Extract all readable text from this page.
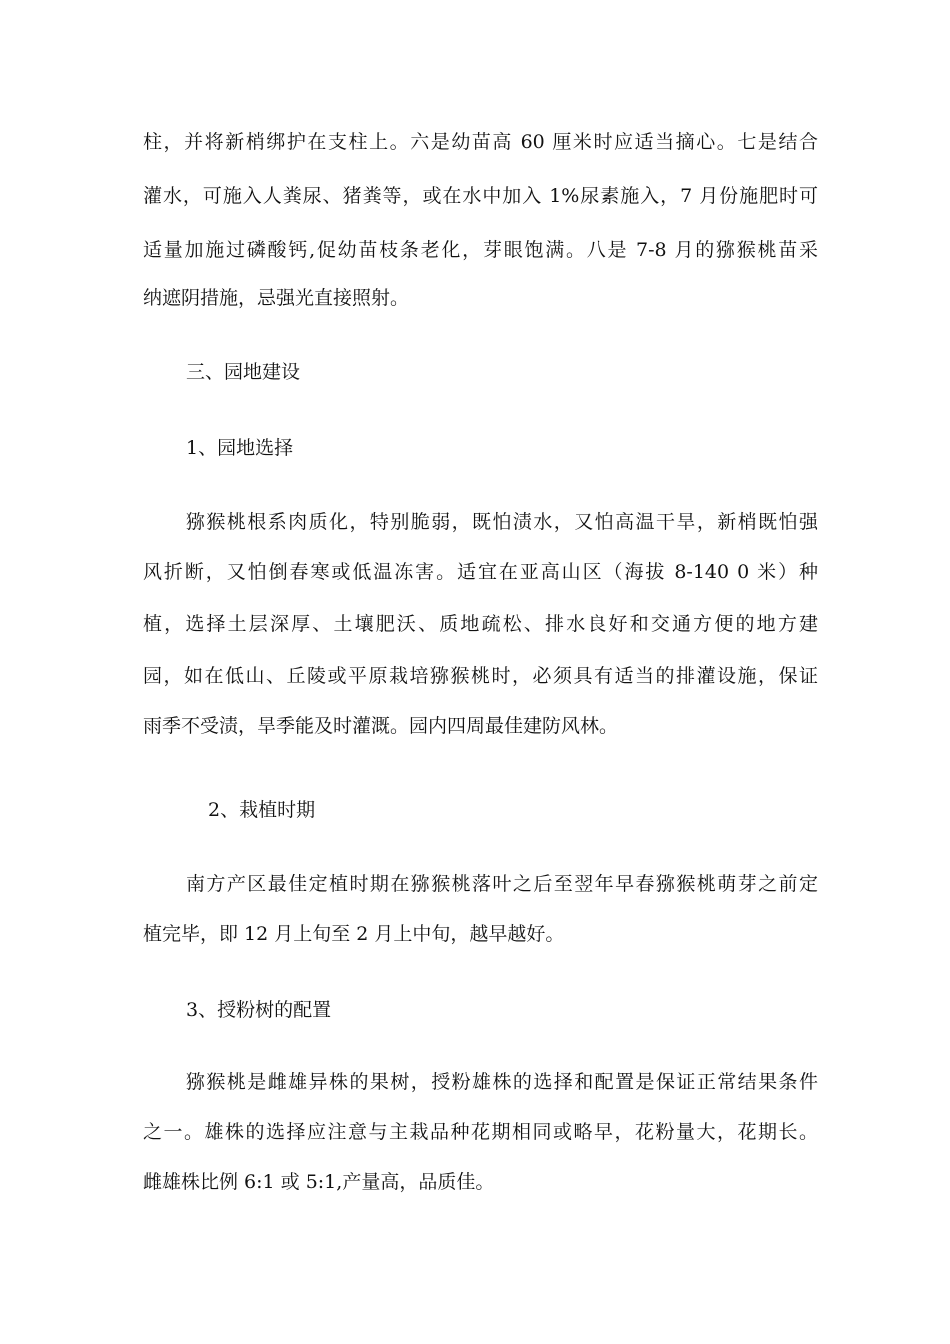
柱，并将新梢绑护在支柱上。六是幼苗高 60 厘米时应适当摘心。七是结合
灌水，可施入人粪尿、猪粪等，或在水中加入 1%尿素施入，7 月份施肥时可
适量加施过磷酸钙,促幼苗枝条老化，芽眼饱满。八是 7-8 月的猕猴桃苗采
纳遮阴措施，忌强光直接照射。
三、园地建设
1、园地选择
猕猴桃根系肉质化，特别脆弱，既怕渍水，又怕高温干旱，新梢既怕强
风折断，又怕倒春寒或低温冻害。适宜在亚高山区（海拔 8-140 0 米）种
植，选择土层深厚、土壤肥沃、质地疏松、排水良好和交通方便的地方建
园，如在低山、丘陵或平原栽培猕猴桃时，必须具有适当的排灌设施，保证
雨季不受渍，旱季能及时灌溉。园内四周最佳建防风林。
2、栽植时期
南方产区最佳定植时期在猕猴桃落叶之后至翌年早春猕猴桃萌芽之前定
植完毕，即 12 月上旬至 2 月上中旬，越早越好。
3、授粉树的配置
猕猴桃是雌雄异株的果树，授粉雄株的选择和配置是保证正常结果条件
之一。雄株的选择应注意与主栽品种花期相同或略早，花粉量大，花期长。
雌雄株比例 6:1 或 5:1,产量高，品质佳。
